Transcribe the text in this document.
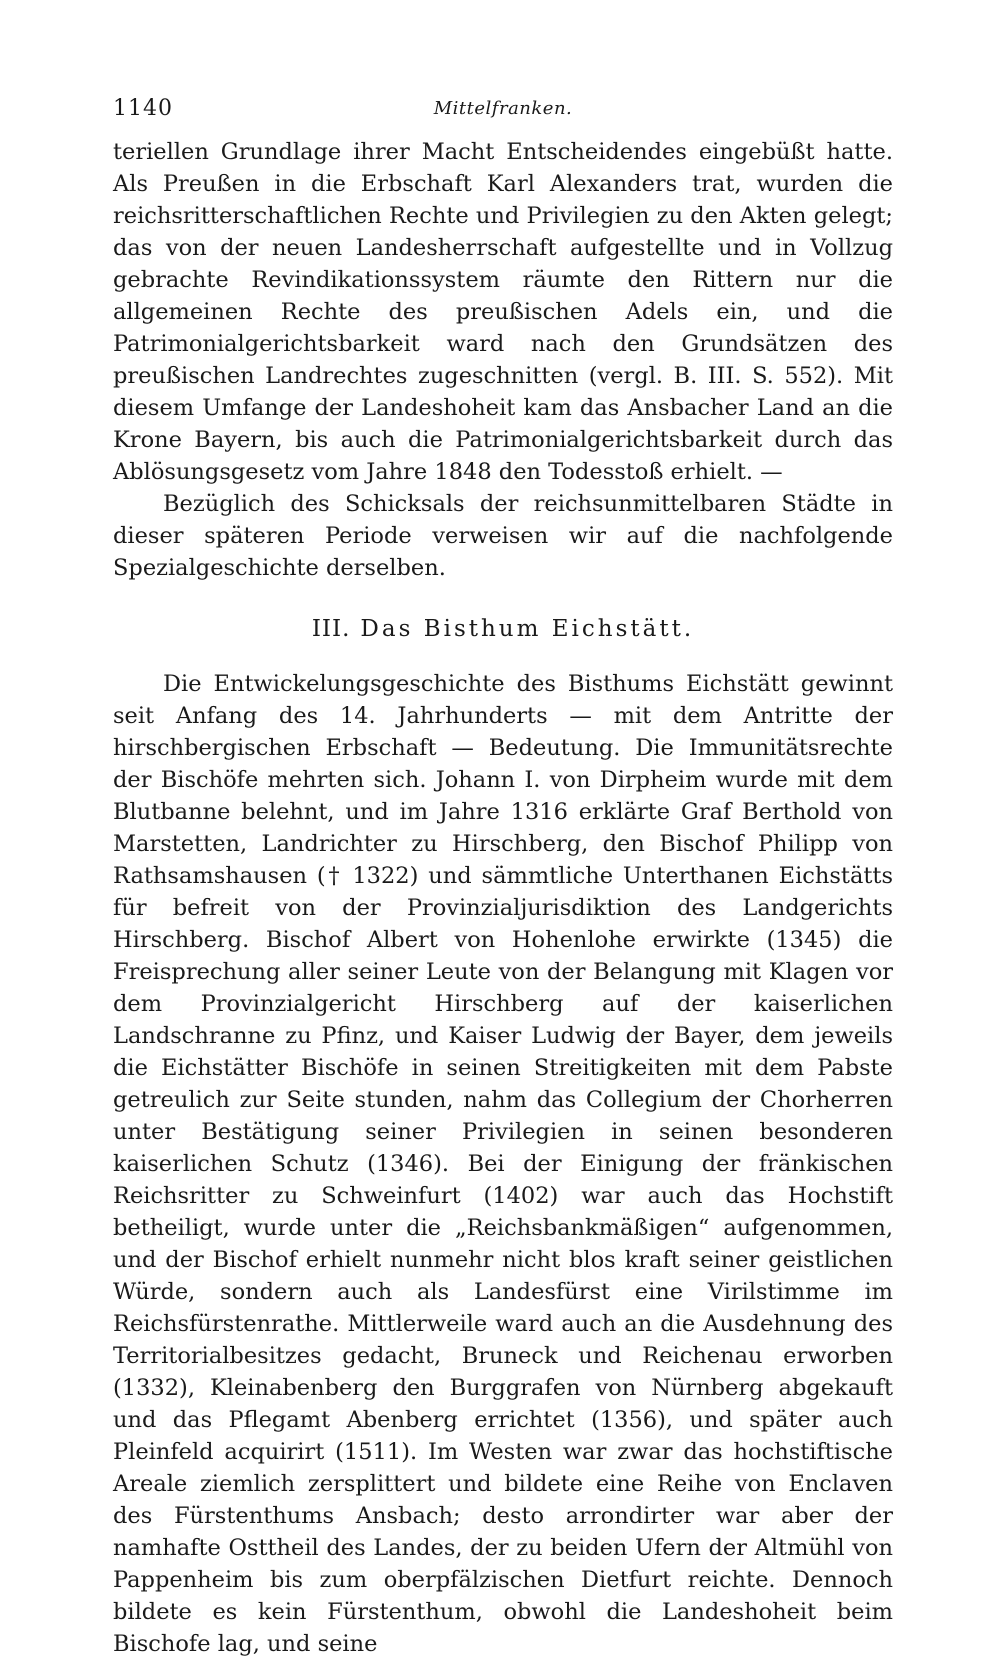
1140	Mittelfranken.

teriellen Grundlage ihrer Macht Entscheidendes eingebüßt hatte. Als Preußen in die Erbschaft Karl Alexanders trat, wurden die reichsritterschaftlichen Rechte und Privilegien zu den Akten gelegt; das von der neuen Landesherrschaft aufgestellte und in Vollzug gebrachte Revindikationssystem räumte den Rittern nur die allgemeinen Rechte des preußischen Adels ein, und die Patrimonialgerichtsbarkeit ward nach den Grundsätzen des preußischen Landrechtes zugeschnitten (vergl. B. III. S. 552). Mit diesem Umfange der Landeshoheit kam das Ansbacher Land an die Krone Bayern, bis auch die Patrimonialgerichtsbarkeit durch das Ablösungsgesetz vom Jahre 1848 den Todesstoß erhielt. —

Bezüglich des Schicksals der reichsunmittelbaren Städte in dieser späteren Periode verweisen wir auf die nachfolgende Spezialgeschichte derselben.

III. Das Bisthum Eichstätt.

Die Entwickelungsgeschichte des Bisthums Eichstätt gewinnt seit Anfang des 14. Jahrhunderts — mit dem Antritte der hirschbergischen Erbschaft — Bedeutung. Die Immunitätsrechte der Bischöfe mehrten sich. Johann I. von Dirpheim wurde mit dem Blutbanne belehnt, und im Jahre 1316 erklärte Graf Berthold von Marstetten, Landrichter zu Hirschberg, den Bischof Philipp von Rathsamshausen († 1322) und sämmtliche Unterthanen Eichstätts für befreit von der Provinzialjurisdiktion des Landgerichts Hirschberg. Bischof Albert von Hohenlohe erwirkte (1345) die Freisprechung aller seiner Leute von der Belangung mit Klagen vor dem Provinzialgericht Hirschberg auf der kaiserlichen Landschranne zu Pfinz, und Kaiser Ludwig der Bayer, dem jeweils die Eichstätter Bischöfe in seinen Streitigkeiten mit dem Pabste getreulich zur Seite stunden, nahm das Collegium der Chorherren unter Bestätigung seiner Privilegien in seinen besonderen kaiserlichen Schutz (1346). Bei der Einigung der fränkischen Reichsritter zu Schweinfurt (1402) war auch das Hochstift betheiligt, wurde unter die „Reichsbankmäßigen“ aufgenommen, und der Bischof erhielt nunmehr nicht blos kraft seiner geistlichen Würde, sondern auch als Landesfürst eine Virilstimme im Reichsfürstenrathe. Mittlerweile ward auch an die Ausdehnung des Territorialbesitzes gedacht, Bruneck und Reichenau erworben (1332), Kleinabenberg den Burggrafen von Nürnberg abgekauft und das Pflegamt Abenberg errichtet (1356), und später auch Pleinfeld acquirirt (1511). Im Westen war zwar das hochstiftische Areale ziemlich zersplittert und bildete eine Reihe von Enclaven des Fürstenthums Ansbach; desto arrondirter war aber der namhafte Osttheil des Landes, der zu beiden Ufern der Altmühl von Pappenheim bis zum oberpfälzischen Dietfurt reichte. Dennoch bildete es kein Fürstenthum, obwohl die Landeshoheit beim Bischofe lag, und seine
